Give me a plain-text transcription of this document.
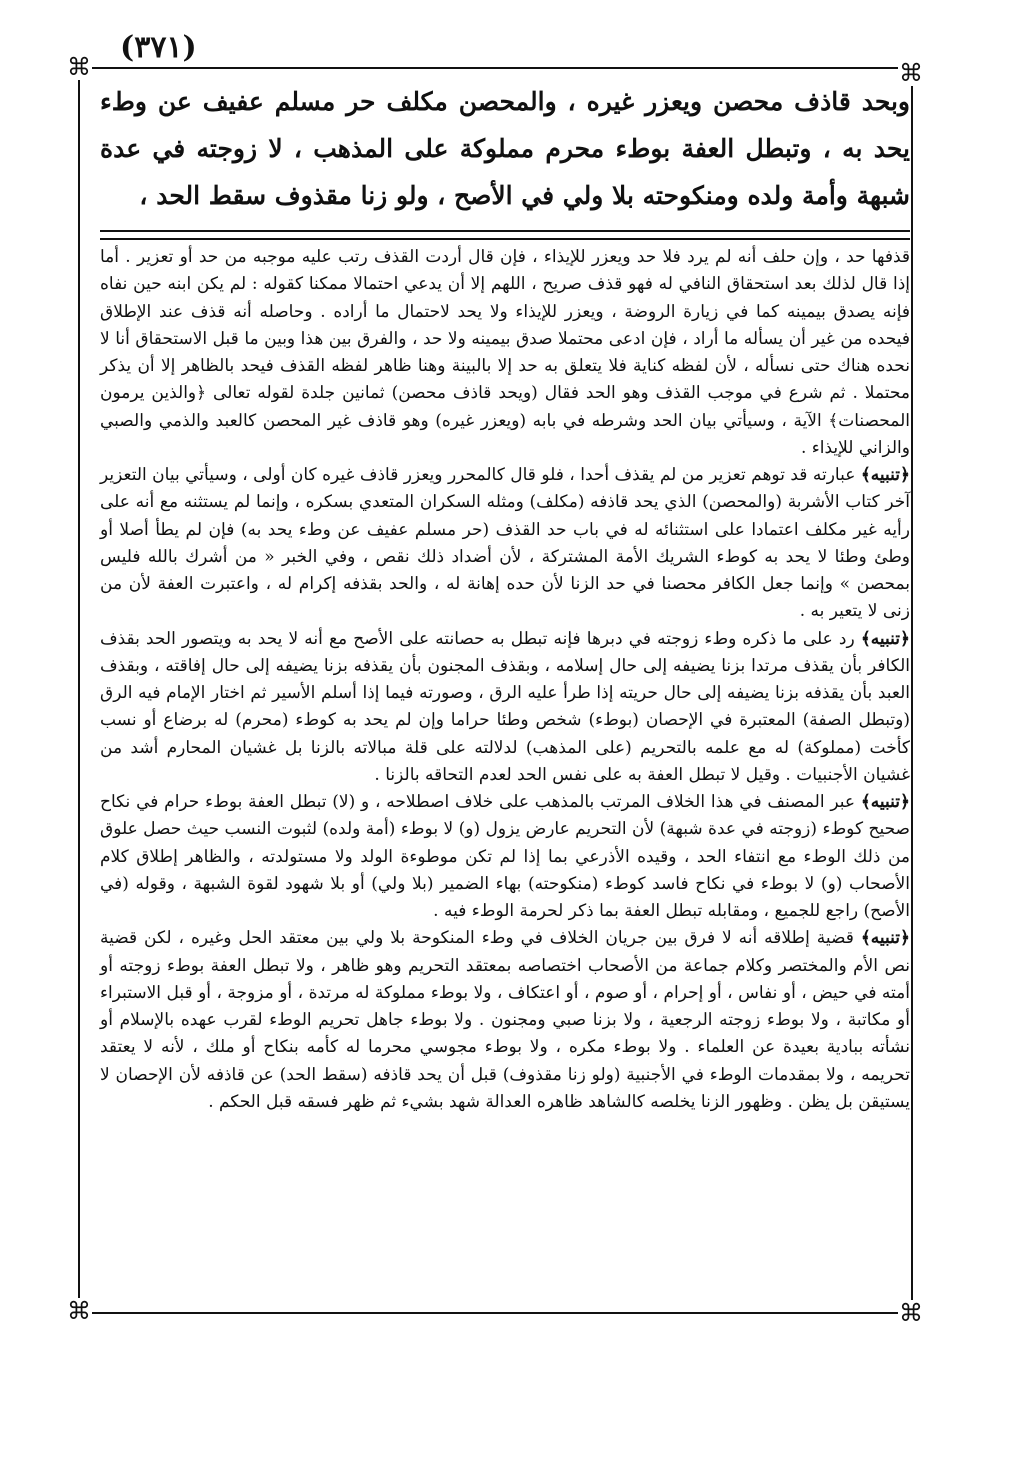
(٣٧١)
⌘	⌘
⌘	⌘
وبحد قاذف محصن ويعزر غيره ، والمحصن مكلف حر مسلم عفيف عن وطء يحد به ، وتبطل العفة بوطء محرم مملوكة على المذهب ، لا زوجته في عدة شبهة وأمة ولده ومنكوحته بلا ولي في الأصح ، ولو زنا مقذوف سقط الحد ،

قذفها حد ، وإن حلف أنه لم يرد فلا حد ويعزر للإيذاء ، فإن قال أردت القذف رتب عليه موجبه من حد أو تعزير . أما إذا قال لذلك بعد استحقاق النافي له فهو قذف صريح ، اللهم إلا أن يدعي احتمالا ممكنا كقوله : لم يكن ابنه حين نفاه فإنه يصدق بيمينه كما في زيارة الروضة ، ويعزر للإيذاء ولا يحد لاحتمال ما أراده . وحاصله أنه قذف عند الإطلاق فيحده من غير أن يسأله ما أراد ، فإن ادعى محتملا صدق بيمينه ولا حد ، والفرق بين هذا وبين ما قبل الاستحقاق أنا لا نحده هناك حتى نسأله ، لأن لفظه كناية فلا يتعلق به حد إلا بالبينة وهنا ظاهر لفظه القذف فيحد بالظاهر إلا أن يذكر محتملا . ثم شرع في موجب القذف وهو الحد فقال (ويحد قاذف محصن) ثمانين جلدة لقوله تعالى ﴿والذين يرمون المحصنات﴾ الآية ، وسيأتي بيان الحد وشرطه في بابه (ويعزر غيره) وهو قاذف غير المحصن كالعبد والذمي والصبي والزاني للإيذاء .

﴿تنبيه﴾ عبارته قد توهم تعزير من لم يقذف أحدا ، فلو قال كالمحرر ويعزر قاذف غيره كان أولى ، وسيأتي بيان التعزير آخر كتاب الأشربة (والمحصن) الذي يحد قاذفه (مكلف) ومثله السكران المتعدي بسكره ، وإنما لم يستثنه مع أنه على رأيه غير مكلف اعتمادا على استثنائه له في باب حد القذف (حر مسلم عفيف عن وطء يحد به) فإن لم يطأ أصلا أو وطئ وطئا لا يحد به كوطء الشريك الأمة المشتركة ، لأن أضداد ذلك نقص ، وفي الخبر « من أشرك بالله فليس بمحصن » وإنما جعل الكافر محصنا في حد الزنا لأن حده إهانة له ، والحد بقذفه إكرام له ، واعتبرت العفة لأن من زنى لا يتعير به .

﴿تنبيه﴾ رد على ما ذكره وطء زوجته في دبرها فإنه تبطل به حصانته على الأصح مع أنه لا يحد به ويتصور الحد بقذف الكافر بأن يقذف مرتدا بزنا يضيفه إلى حال إسلامه ، وبقذف المجنون بأن يقذفه بزنا يضيفه إلى حال إفاقته ، وبقذف العبد بأن يقذفه بزنا يضيفه إلى حال حريته إذا طرأ عليه الرق ، وصورته فيما إذا أسلم الأسير ثم اختار الإمام فيه الرق (وتبطل الصفة) المعتبرة في الإحصان (بوطء) شخص وطئا حراما وإن لم يحد به كوطء (محرم) له برضاع أو نسب كأخت (مملوكة) له مع علمه بالتحريم (على المذهب) لدلالته على قلة مبالاته بالزنا بل غشيان المحارم أشد من غشيان الأجنبيات . وقيل لا تبطل العفة به على نفس الحد لعدم التحاقه بالزنا .

﴿تنبيه﴾ عبر المصنف في هذا الخلاف المرتب بالمذهب على خلاف اصطلاحه ، و (لا) تبطل العفة بوطء حرام في نكاح صحيح كوطء (زوجته في عدة شبهة) لأن التحريم عارض يزول (و) لا بوطء (أمة ولده) لثبوت النسب حيث حصل علوق من ذلك الوطء مع انتفاء الحد ، وقيده الأذرعي بما إذا لم تكن موطوءة الولد ولا مستولدته ، والظاهر إطلاق كلام الأصحاب (و) لا بوطء في نكاح فاسد كوطء (منكوحته) بهاء الضمير (بلا ولي) أو بلا شهود لقوة الشبهة ، وقوله (في الأصح) راجع للجميع ، ومقابله تبطل العفة بما ذكر لحرمة الوطء فيه .

﴿تنبيه﴾ قضية إطلاقه أنه لا فرق بين جريان الخلاف في وطء المنكوحة بلا ولي بين معتقد الحل وغيره ، لكن قضية نص الأم والمختصر وكلام جماعة من الأصحاب اختصاصه بمعتقد التحريم وهو ظاهر ، ولا تبطل العفة بوطء زوجته أو أمته في حيض ، أو نفاس ، أو إحرام ، أو صوم ، أو اعتكاف ، ولا بوطء مملوكة له مرتدة ، أو مزوجة ، أو قبل الاستبراء أو مكاتبة ، ولا بوطء زوجته الرجعية ، ولا بزنا صبي ومجنون . ولا بوطء جاهل تحريم الوطء لقرب عهده بالإسلام أو نشأته ببادية بعيدة عن العلماء . ولا بوطء مكره ، ولا بوطء مجوسي محرما له كأمه بنكاح أو ملك ، لأنه لا يعتقد تحريمه ، ولا بمقدمات الوطء في الأجنبية (ولو زنا مقذوف) قبل أن يحد قاذفه (سقط الحد) عن قاذفه لأن الإحصان لا يستيقن بل يظن . وظهور الزنا يخلصه كالشاهد ظاهره العدالة شهد بشيء ثم ظهر فسقه قبل الحكم .
